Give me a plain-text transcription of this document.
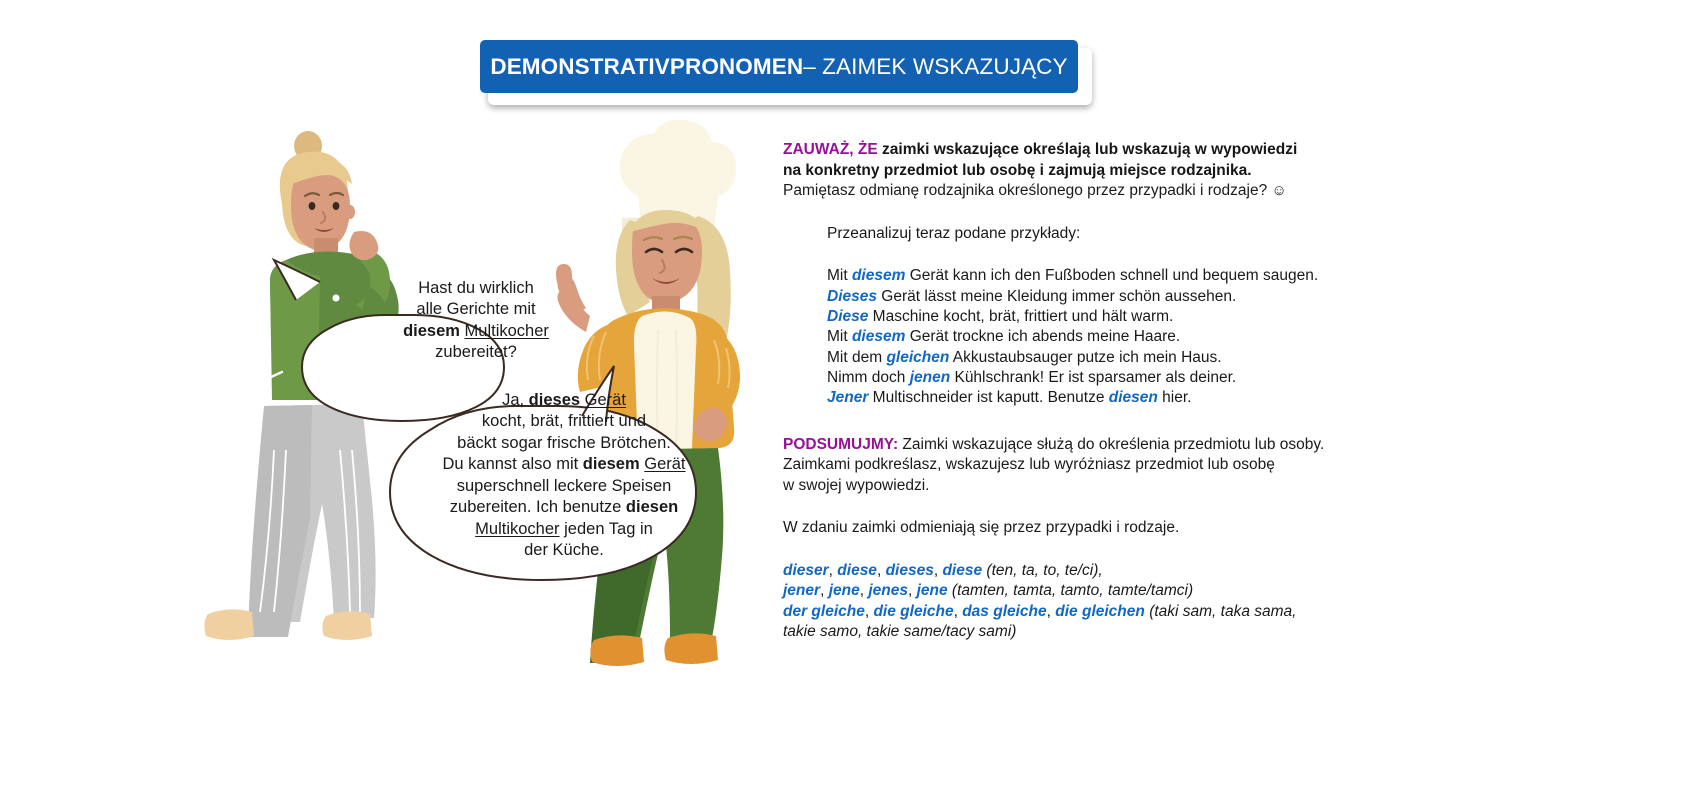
DEMONSTRATIVPRONOMEN – ZAIMEK WSKAZUJĄCY
Hast du wirklich
alle Gerichte mit
diesem Multikocher
zubereitet?
Ja, dieses Gerät
kocht, brät, frittiert und
bäckt sogar frische Brötchen.
Du kannst also mit diesem Gerät
superschnell leckere Speisen
zubereiten. Ich benutze diesen
Multikocher jeden Tag in
der Küche.

ZAUWAŻ, ŻE zaimki wskazujące określają lub wskazują w wypowiedzi

na konkretny przedmiot lub osobę i zajmują miejsce rodzajnika.

Pamiętasz odmianę rodzajnika określonego przez przypadki i rodzaje? ☺

Przeanalizuj teraz podane przykłady:

Mit diesem Gerät kann ich den Fußboden schnell und bequem saugen.

Dieses Gerät lässt meine Kleidung immer schön aussehen.

Diese Maschine kocht, brät, frittiert und hält warm.

Mit diesem Gerät trockne ich abends meine Haare.

Mit dem gleichen Akkustaubsauger putze ich mein Haus.

Nimm doch jenen Kühlschrank! Er ist sparsamer als deiner.

Jener Multischneider ist kaputt. Benutze diesen hier.

PODSUMUJMY: Zaimki wskazujące służą do określenia przedmiotu lub osoby.

Zaimkami podkreślasz, wskazujesz lub wyróżniasz przedmiot lub osobę

w swojej wypowiedzi.

W zdaniu zaimki odmieniają się przez przypadki i rodzaje.

dieser, diese, dieses, diese (ten, ta, to, te/ci),

jener, jene, jenes, jene (tamten, tamta, tamto, tamte/tamci)

der gleiche, die gleiche, das gleiche, die gleichen (taki sam, taka sama,

takie samo, takie same/tacy sami)
